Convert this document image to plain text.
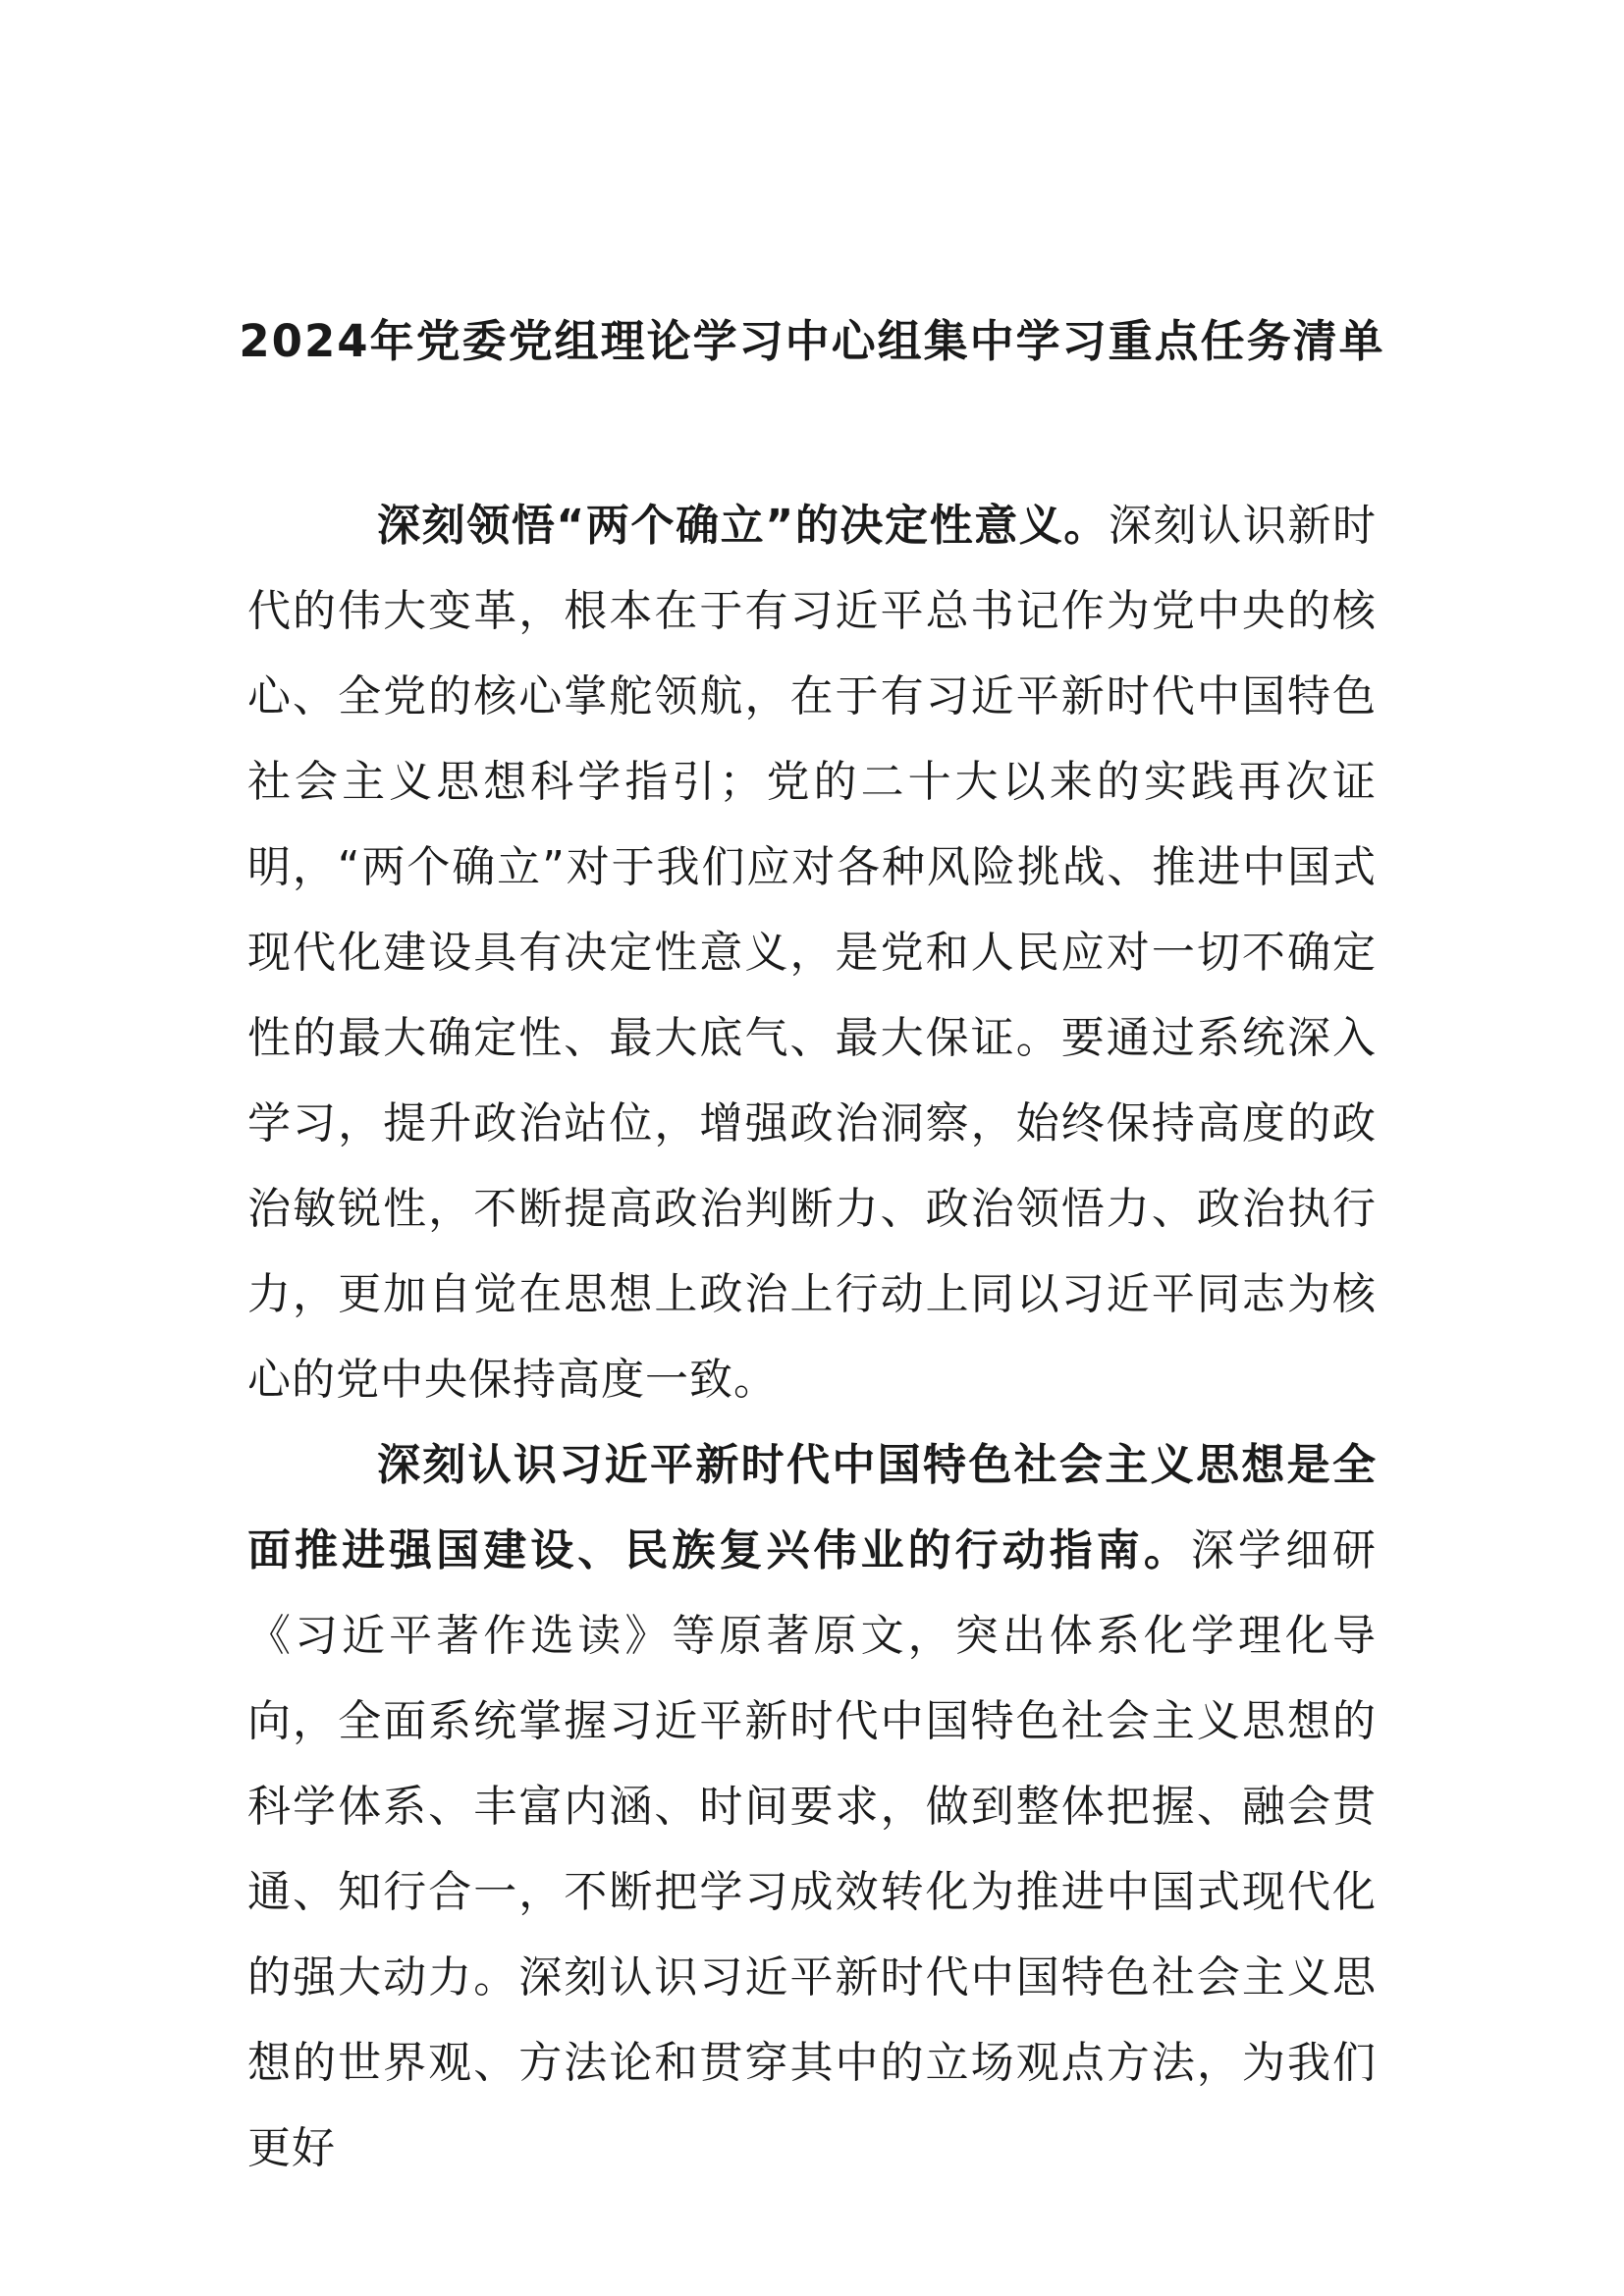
2024年党委党组理论学习中心组集中学习重点任务清单

深刻领悟“两个确立”的决定性意义。深刻认识新时代的伟大变革，根本在于有习近平总书记作为党中央的核心、全党的核心掌舵领航，在于有习近平新时代中国特色社会主义思想科学指引；党的二十大以来的实践再次证明，“两个确立”对于我们应对各种风险挑战、推进中国式现代化建设具有决定性意义，是党和人民应对一切不确定性的最大确定性、最大底气、最大保证。要通过系统深入学习，提升政治站位，增强政治洞察，始终保持高度的政治敏锐性，不断提高政治判断力、政治领悟力、政治执行力，更加自觉在思想上政治上行动上同以习近平同志为核心的党中央保持高度一致。

深刻认识习近平新时代中国特色社会主义思想是全面推进强国建设、民族复兴伟业的行动指南。深学细研《习近平著作选读》等原著原文，突出体系化学理化导向，全面系统掌握习近平新时代中国特色社会主义思想的科学体系、丰富内涵、时间要求，做到整体把握、融会贯通、知行合一，不断把学习成效转化为推进中国式现代化的强大动力。深刻认识习近平新时代中国特色社会主义思想的世界观、方法论和贯穿其中的立场观点方法，为我们更好
